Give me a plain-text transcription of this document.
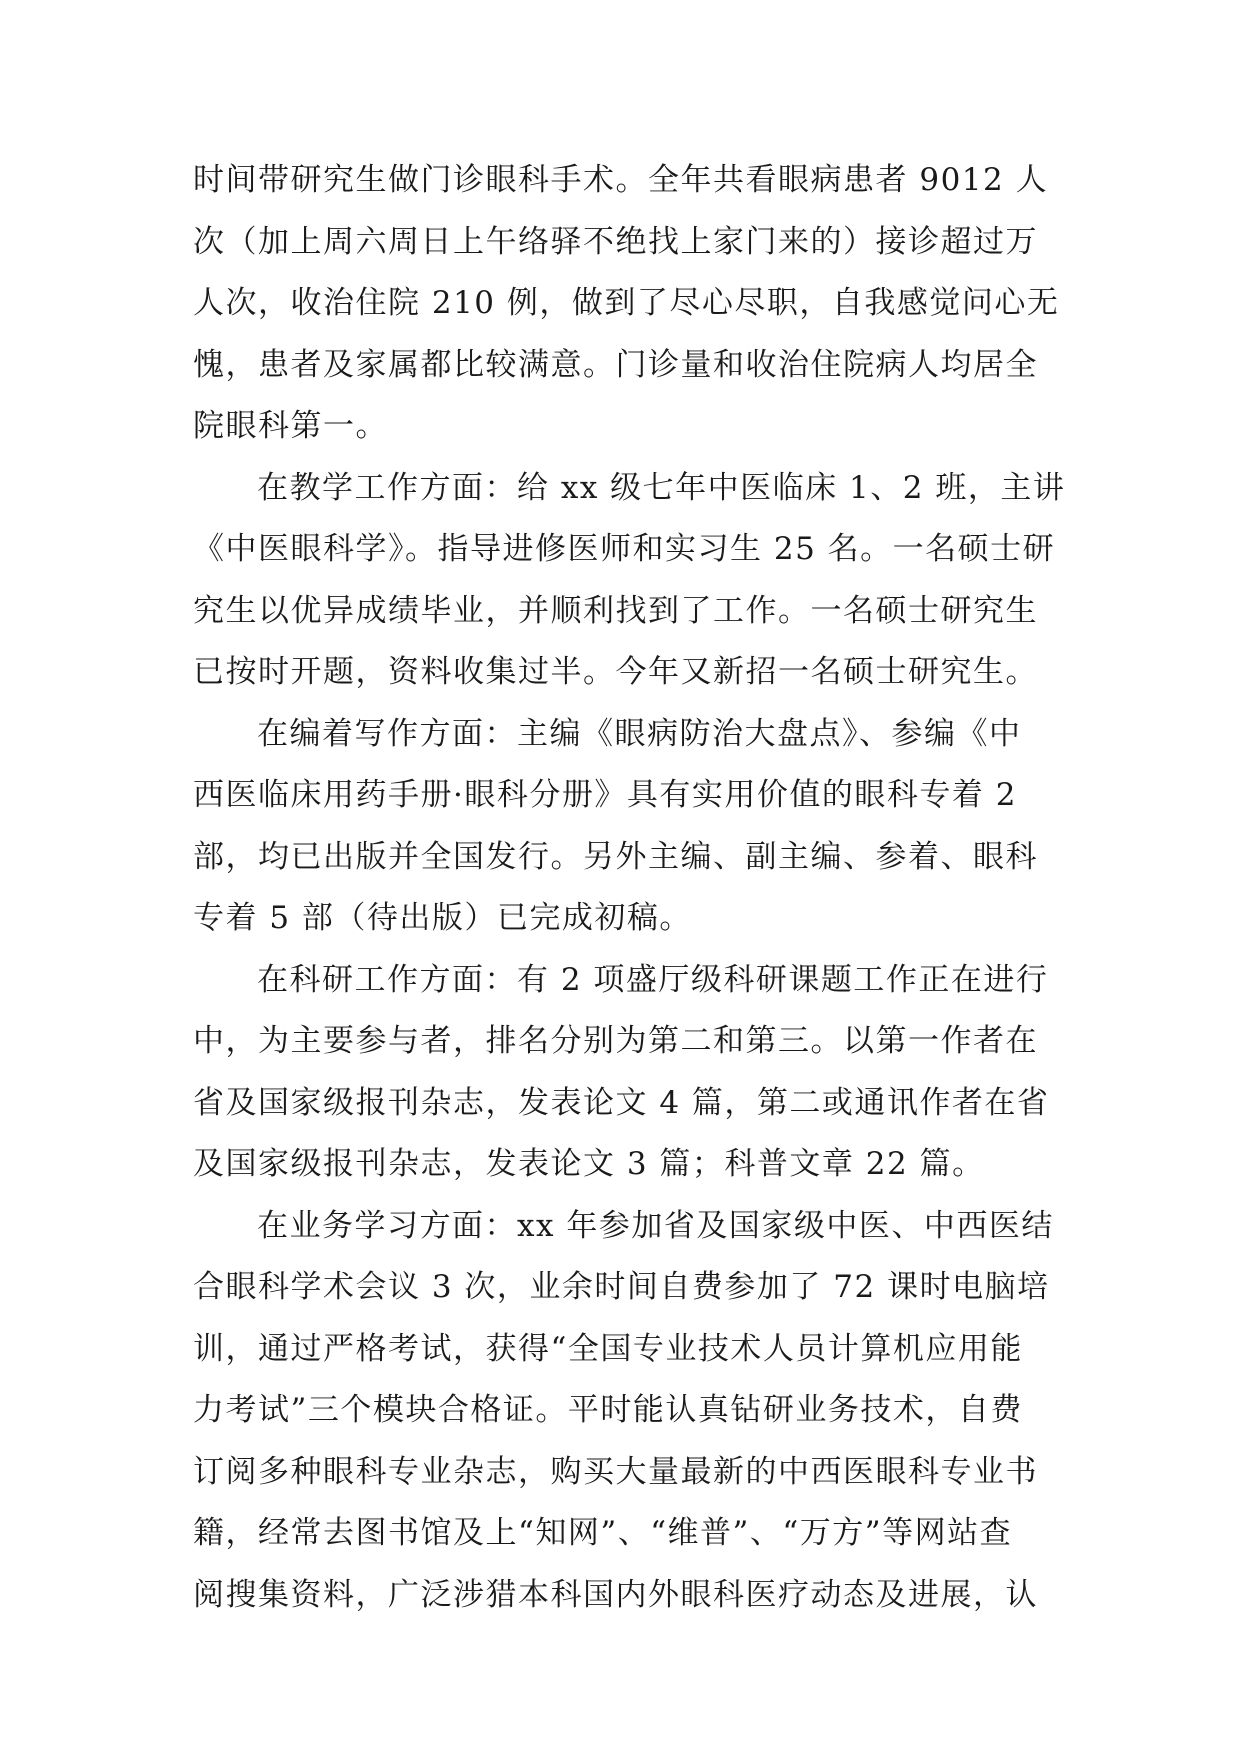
时间带研究生做门诊眼科手术。全年共看眼病患者 9012 人
次（加上周六周日上午络驿不绝找上家门来的）接诊超过万
人次，收治住院 210 例，做到了尽心尽职，自我感觉问心无
愧，患者及家属都比较满意。门诊量和收治住院病人均居全
院眼科第一。
在教学工作方面：给 xx 级七年中医临床 1、2 班，主讲
《中医眼科学》。指导进修医师和实习生 25 名。一名硕士研
究生以优异成绩毕业，并顺利找到了工作。一名硕士研究生
已按时开题，资料收集过半。今年又新招一名硕士研究生。
在编着写作方面：主编《眼病防治大盘点》、参编《中
西医临床用药手册·眼科分册》具有实用价值的眼科专着 2
部，均已出版并全国发行。另外主编、副主编、参着、眼科
专着 5 部（待出版）已完成初稿。
在科研工作方面：有 2 项盛厅级科研课题工作正在进行
中，为主要参与者，排名分别为第二和第三。以第一作者在
省及国家级报刊杂志，发表论文 4 篇，第二或通讯作者在省
及国家级报刊杂志，发表论文 3 篇；科普文章 22 篇。
在业务学习方面：xx 年参加省及国家级中医、中西医结
合眼科学术会议 3 次，业余时间自费参加了 72 课时电脑培
训，通过严格考试，获得“全国专业技术人员计算机应用能
力考试”三个模块合格证。平时能认真钻研业务技术，自费
订阅多种眼科专业杂志，购买大量最新的中西医眼科专业书
籍，经常去图书馆及上“知网”、“维普”、“万方”等网站查
阅搜集资料，广泛涉猎本科国内外眼科医疗动态及进展，认
